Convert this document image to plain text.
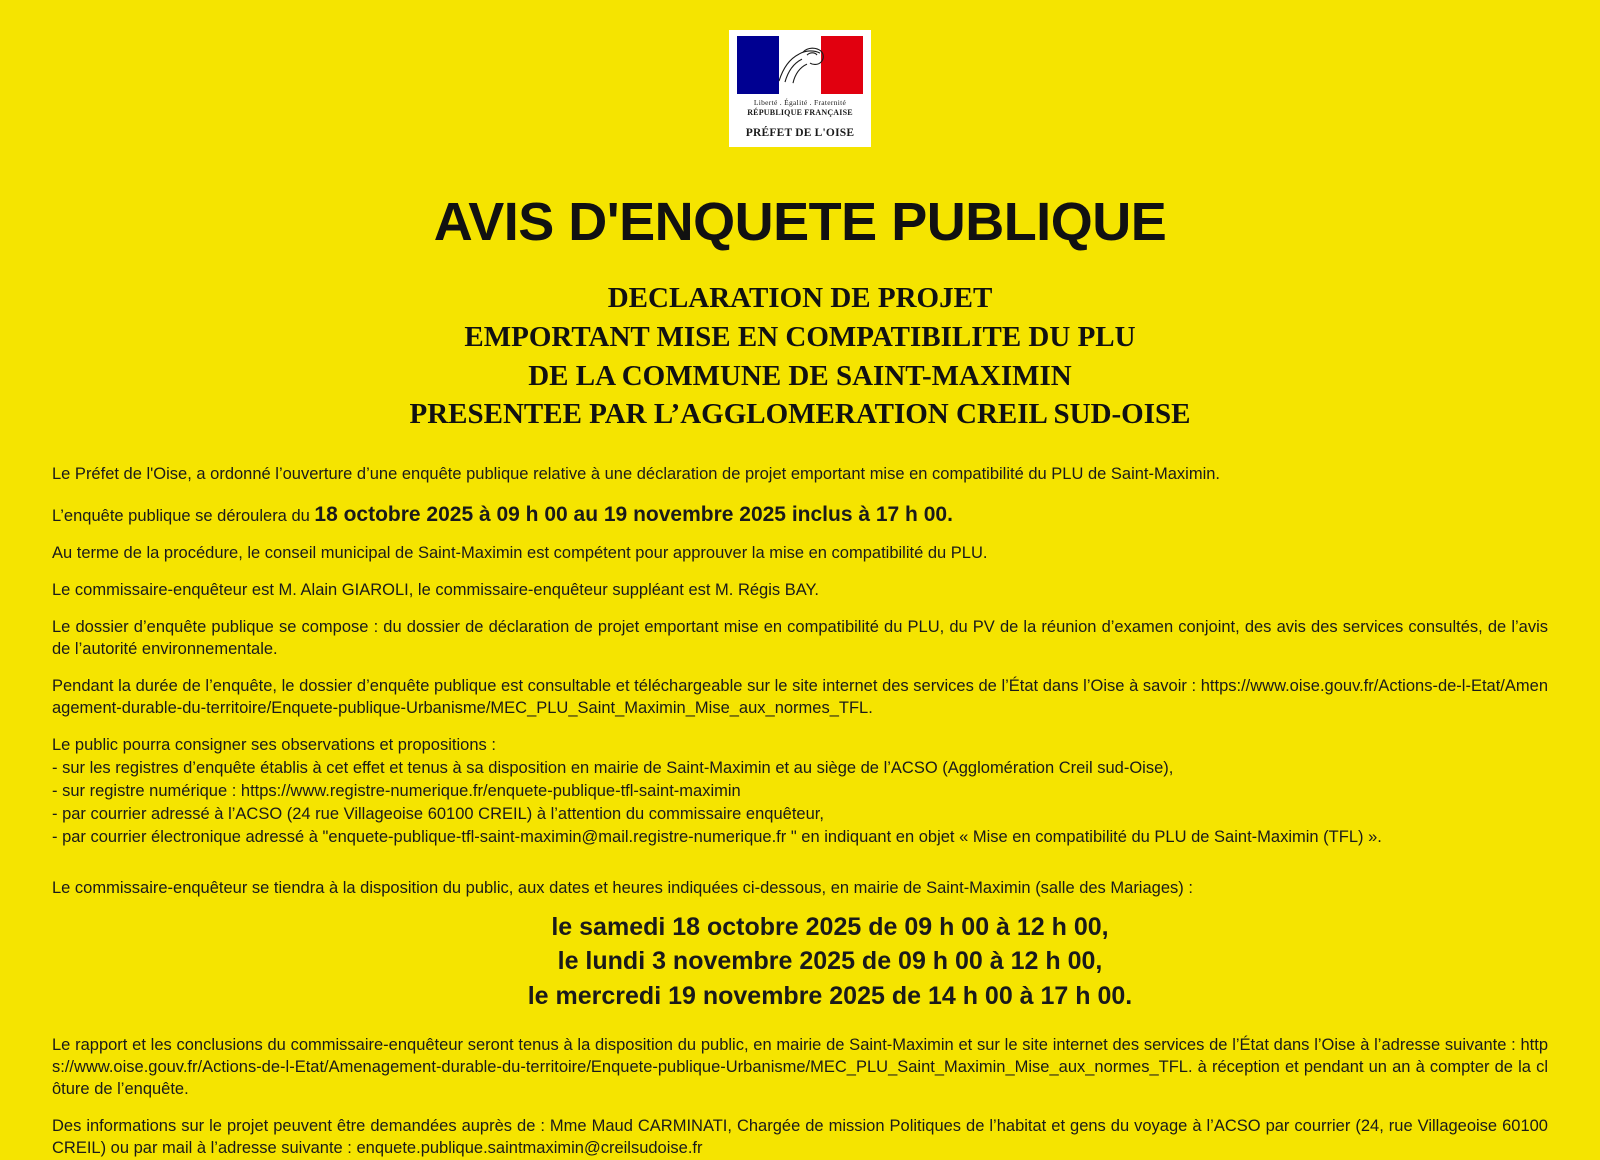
Liberté . Égalité . Fraternité
RÉPUBLIQUE FRANÇAISE
PRÉFET DE L'OISE
AVIS D'ENQUETE PUBLIQUE
DECLARATION DE PROJET
EMPORTANT MISE EN COMPATIBILITE DU PLU
DE LA COMMUNE DE SAINT-MAXIMIN
PRESENTEE PAR L’AGGLOMERATION CREIL SUD-OISE
Le Préfet de l'Oise, a ordonné l’ouverture d’une enquête publique relative à une déclaration de projet emportant mise en compatibilité du PLU de Saint-Maximin.
L’enquête publique se déroulera du 18 octobre 2025 à 09 h 00 au 19 novembre 2025 inclus à 17 h 00.
Au terme de la procédure, le conseil municipal de Saint-Maximin est compétent pour approuver la mise en compatibilité du PLU.
Le commissaire-enquêteur est M. Alain GIAROLI, le commissaire-enquêteur suppléant est M. Régis BAY.
Le dossier d’enquête publique se compose : du dossier de déclaration de projet emportant mise en compatibilité du PLU, du PV de la réunion d’examen conjoint, des avis des services consultés, de l’avis de l’autorité environnementale.
Pendant la durée de l’enquête, le dossier d’enquête publique est consultable et téléchargeable sur le site internet des services de l’État dans l’Oise à savoir : https://www.oise.gouv.fr/Actions-de-l-Etat/Amenagement-durable-du-territoire/Enquete-publique-Urbanisme/MEC_PLU_Saint_Maximin_Mise_aux_normes_TFL.
Le public pourra consigner ses observations et propositions :
- sur les registres d’enquête établis à cet effet et tenus à sa disposition en mairie de Saint-Maximin et au siège de l’ACSO (Agglomération Creil sud-Oise),
- sur registre numérique : https://www.registre-numerique.fr/enquete-publique-tfl-saint-maximin
- par courrier adressé à l’ACSO (24 rue Villageoise 60100 CREIL) à l’attention du commissaire enquêteur,
- par courrier électronique adressé à "enquete-publique-tfl-saint-maximin@mail.registre-numerique.fr " en indiquant en objet « Mise en compatibilité du PLU de Saint-Maximin (TFL) ».
Le commissaire-enquêteur se tiendra à la disposition du public, aux dates et heures indiquées ci-dessous, en mairie de Saint-Maximin (salle des Mariages) :
le samedi 18 octobre 2025 de 09 h 00 à 12 h 00,
le lundi 3 novembre 2025 de 09 h 00 à 12 h 00,
le mercredi 19 novembre 2025 de 14 h 00 à 17 h 00.
Le rapport et les conclusions du commissaire-enquêteur seront tenus à la disposition du public, en mairie de Saint-Maximin et sur le site internet des services de l’État dans l’Oise à l’adresse suivante : https://www.oise.gouv.fr/Actions-de-l-Etat/Amenagement-durable-du-territoire/Enquete-publique-Urbanisme/MEC_PLU_Saint_Maximin_Mise_aux_normes_TFL. à réception et pendant un an à compter de la clôture de l’enquête.
Des informations sur le projet peuvent être demandées auprès de : Mme Maud CARMINATI, Chargée de mission Politiques de l’habitat et gens du voyage à l’ACSO par courrier (24, rue Villageoise 60100 CREIL) ou par mail à l’adresse suivante : enquete.publique.saintmaximin@creilsudoise.fr
